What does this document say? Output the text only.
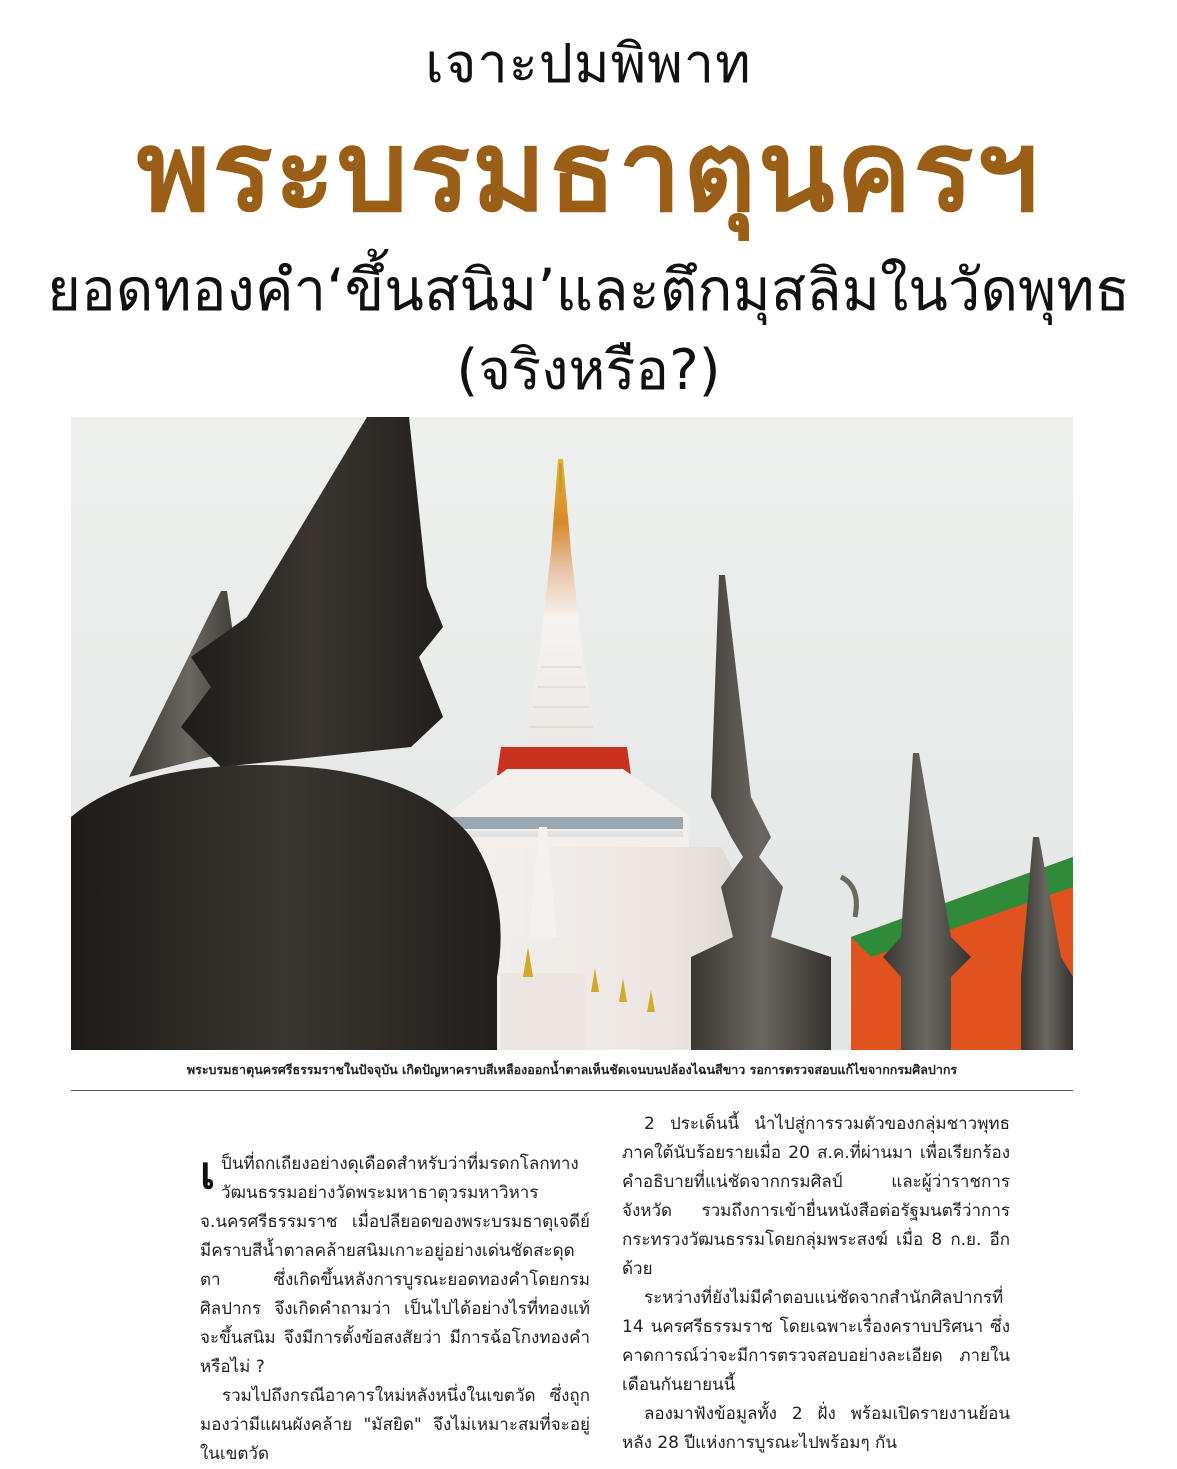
เจาะปมพิพาท
พระบรมธาตุนครฯ
ยอดทองคำ‘ขึ้นสนิม’และตึกมุสลิมในวัดพุทธ
(จริงหรือ?)
พระบรมธาตุนครศรีธรรมราชในปัจจุบัน เกิดปัญหาคราบสีเหลืองออกน้ำตาลเห็นชัดเจนบนปล้องไฉนสีขาว รอการตรวจสอบแก้ไขจากกรมศิลปากร

เป็นที่ถกเถียงอย่างดุเดือดสำหรับว่าที่มรดกโลกทางวัฒนธรรมอย่างวัดพระมหาธาตุวรมหาวิหาร จ.นครศรีธรรมราช เมื่อปลียอดของพระบรมธาตุเจดีย์มีคราบสีน้ำตาลคล้ายสนิมเกาะอยู่อย่างเด่นชัดสะดุดตา ซึ่งเกิดขึ้นหลังการบูรณะยอดทองคำโดยกรมศิลปากร จึงเกิดคำถามว่า เป็นไปได้อย่างไรที่ทองแท้จะขึ้นสนิม จึงมีการตั้งข้อสงสัยว่า มีการฉ้อโกงทองคำหรือไม่ ?

รวมไปถึงกรณีอาคารใหม่หลังหนึ่งในเขตวัด ซึ่งถูกมองว่ามีแผนผังคล้าย "มัสยิด" จึงไม่เหมาะสมที่จะอยู่ในเขตวัด

2 ประเด็นนี้ นำไปสู่การรวมตัวของกลุ่มชาวพุทธภาคใต้นับร้อยรายเมื่อ 20 ส.ค.ที่ผ่านมา เพื่อเรียกร้องคำอธิบายที่แน่ชัดจากกรมศิลป์ และผู้ว่าราชการจังหวัด รวมถึงการเข้ายื่นหนังสือต่อรัฐมนตรีว่าการกระทรวงวัฒนธรรมโดยกลุ่มพระสงฆ์ เมื่อ 8 ก.ย. อีกด้วย

ระหว่างที่ยังไม่มีคำตอบแน่ชัดจากสำนักศิลปากรที่ 14 นครศรีธรรมราช โดยเฉพาะเรื่องคราบปริศนา ซึ่งคาดการณ์ว่าจะมีการตรวจสอบอย่างละเอียด ภายในเดือนกันยายนนี้

ลองมาฟังข้อมูลทั้ง 2 ฝั่ง พร้อมเปิดรายงานย้อนหลัง 28 ปีแห่งการบูรณะไปพร้อมๆ กัน
